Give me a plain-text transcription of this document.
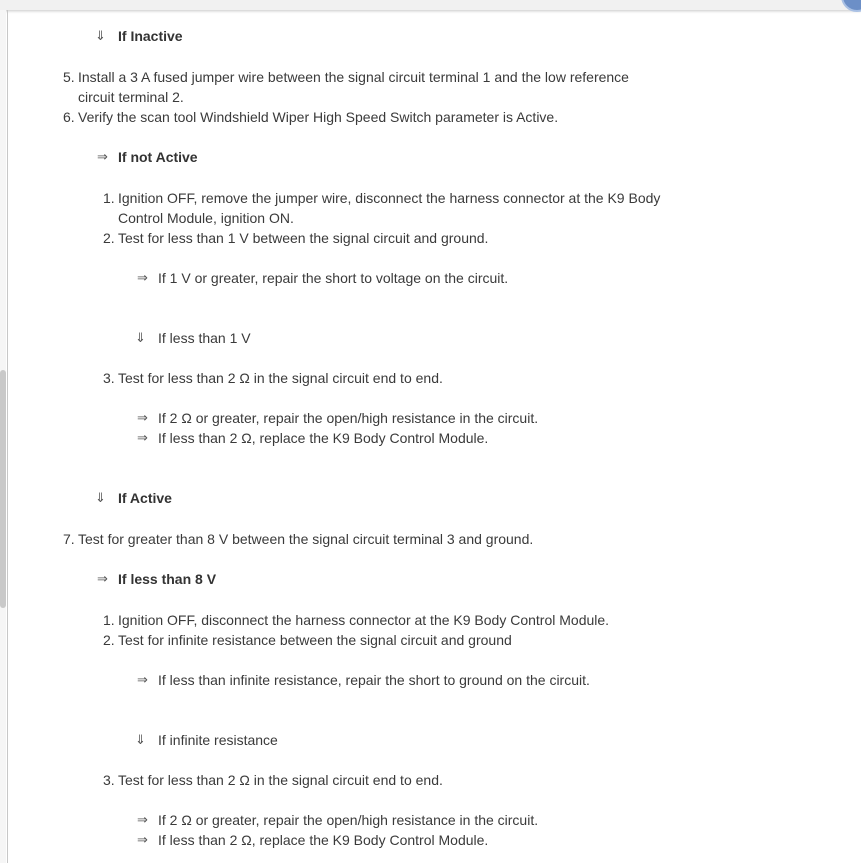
⇓ If Inactive
5. Install a 3 A fused jumper wire between the signal circuit terminal 1 and the low reference
circuit terminal 2.
6. Verify the scan tool Windshield Wiper High Speed Switch parameter is Active.
⇒ If not Active
1. Ignition OFF, remove the jumper wire, disconnect the harness connector at the K9 Body
Control Module, ignition ON.
2. Test for less than 1 V between the signal circuit and ground.
⇒ If 1 V or greater, repair the short to voltage on the circuit.
⇓ If less than 1 V
3. Test for less than 2 Ω in the signal circuit end to end.
⇒ If 2 Ω or greater, repair the open/high resistance in the circuit.
⇒ If less than 2 Ω, replace the K9 Body Control Module.
⇓ If Active
7. Test for greater than 8 V between the signal circuit terminal 3 and ground.
⇒ If less than 8 V
1. Ignition OFF, disconnect the harness connector at the K9 Body Control Module.
2. Test for infinite resistance between the signal circuit and ground
⇒ If less than infinite resistance, repair the short to ground on the circuit.
⇓ If infinite resistance
3. Test for less than 2 Ω in the signal circuit end to end.
⇒ If 2 Ω or greater, repair the open/high resistance in the circuit.
⇒ If less than 2 Ω, replace the K9 Body Control Module.
